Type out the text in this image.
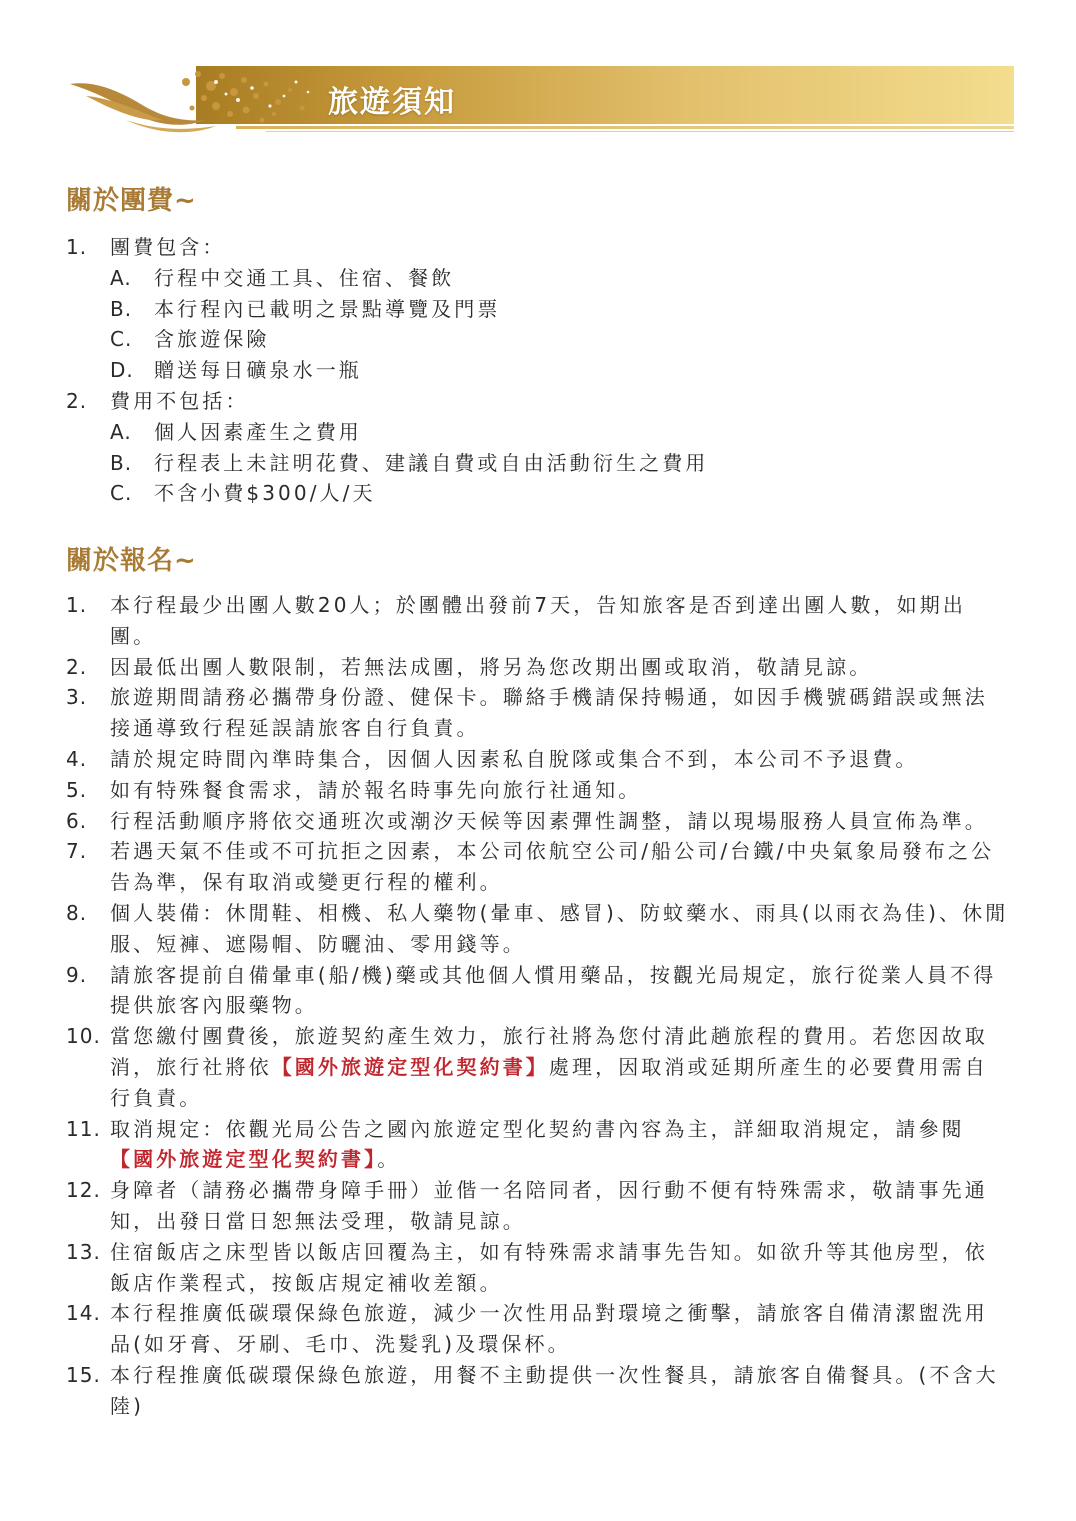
旅遊須知
關於團費~
1. 團費包含：
A. 行程中交通工具、住宿、餐飲
B. 本行程內已載明之景點導覽及門票
C. 含旅遊保險
D. 贈送每日礦泉水一瓶
2. 費用不包括：
A. 個人因素產生之費用
B. 行程表上未註明花費、建議自費或自由活動衍生之費用
C. 不含小費$300/人/天
關於報名~
1. 本行程最少出團人數20人；於團體出發前7天，告知旅客是否到達出團人數，如期出團。
2. 因最低出團人數限制，若無法成團，將另為您改期出團或取消，敬請見諒。
3. 旅遊期間請務必攜帶身份證、健保卡。聯絡手機請保持暢通，如因手機號碼錯誤或無法接通導致行程延誤請旅客自行負責。
4. 請於規定時間內準時集合，因個人因素私自脫隊或集合不到，本公司不予退費。
5. 如有特殊餐食需求，請於報名時事先向旅行社通知。
6. 行程活動順序將依交通班次或潮汐天候等因素彈性調整，請以現場服務人員宣佈為準。
7. 若遇天氣不佳或不可抗拒之因素，本公司依航空公司/船公司/台鐵/中央氣象局發布之公告為準，保有取消或變更行程的權利。
8. 個人裝備：休閒鞋、相機、私人藥物(暈車、感冒)、防蚊藥水、雨具(以雨衣為佳)、休閒服、短褲、遮陽帽、防曬油、零用錢等。
9. 請旅客提前自備暈車(船/機)藥或其他個人慣用藥品，按觀光局規定，旅行從業人員不得提供旅客內服藥物。
10. 當您繳付團費後，旅遊契約產生效力，旅行社將為您付清此趟旅程的費用。若您因故取消，旅行社將依【國外旅遊定型化契約書】處理，因取消或延期所產生的必要費用需自行負責。
11. 取消規定：依觀光局公告之國內旅遊定型化契約書內容為主，詳細取消規定，請參閱【國外旅遊定型化契約書】。
12. 身障者（請務必攜帶身障手冊）並偕一名陪同者，因行動不便有特殊需求，敬請事先通知，出發日當日恕無法受理，敬請見諒。
13. 住宿飯店之床型皆以飯店回覆為主，如有特殊需求請事先告知。如欲升等其他房型，依飯店作業程式，按飯店規定補收差額。
14. 本行程推廣低碳環保綠色旅遊，減少一次性用品對環境之衝擊，請旅客自備清潔盥洗用品(如牙膏、牙刷、毛巾、洗髮乳)及環保杯。
15. 本行程推廣低碳環保綠色旅遊，用餐不主動提供一次性餐具，請旅客自備餐具。(不含大陸)
